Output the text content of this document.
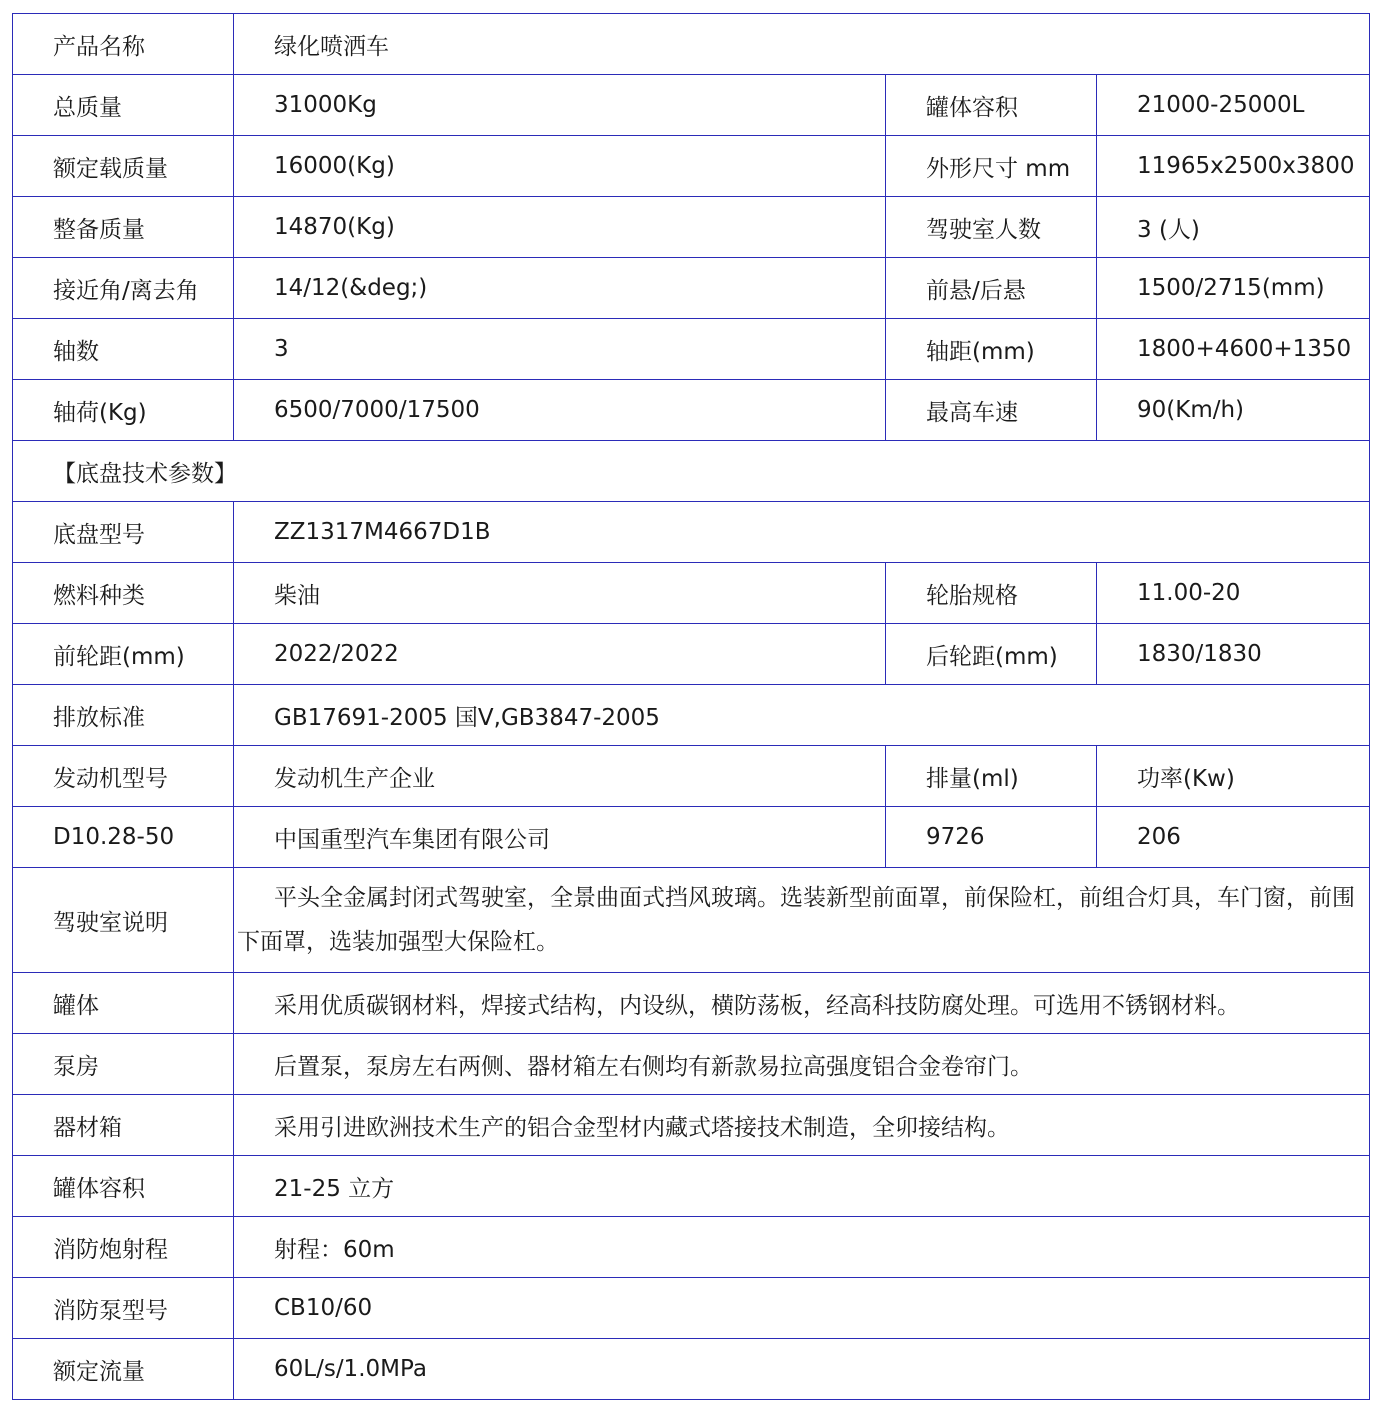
产品名称	绿化喷洒车		
总质量	31000Kg	罐体容积	21000-25000L
额定载质量	16000(Kg)	外形尺寸 mm	11965x2500x3800
整备质量	14870(Kg)	驾驶室人数	3 (人)
接近角/离去角	14/12(&deg;)	前悬/后悬	1500/2715(mm)
轴数	3	轴距(mm)	1800+4600+1350
轴荷(Kg)	6500/7000/17500	最高车速	90(Km/h)
【底盘技术参数】			
底盘型号	ZZ1317M4667D1B		
燃料种类	柴油	轮胎规格	11.00-20
前轮距(mm)	2022/2022	后轮距(mm)	1830/1830
排放标准	GB17691-2005 国V,GB3847-2005		
发动机型号	发动机生产企业	排量(ml)	功率(Kw)
D10.28-50	中国重型汽车集团有限公司	9726	206
驾驶室说明	平头全金属封闭式驾驶室，全景曲面式挡风玻璃。选装新型前面罩，前保险杠，前组合灯具，车门窗，前围下面罩，选装加强型大保险杠。		
罐体	采用优质碳钢材料，焊接式结构，内设纵，横防荡板，经高科技防腐处理。可选用不锈钢材料。		
泵房	后置泵，泵房左右两侧、器材箱左右侧均有新款易拉高强度铝合金卷帘门。		
器材箱	采用引进欧洲技术生产的铝合金型材内藏式塔接技术制造，全卯接结构。		
罐体容积	21-25 立方		
消防炮射程	射程：60m		
消防泵型号	CB10/60		
额定流量	60L/s/1.0MPa		
